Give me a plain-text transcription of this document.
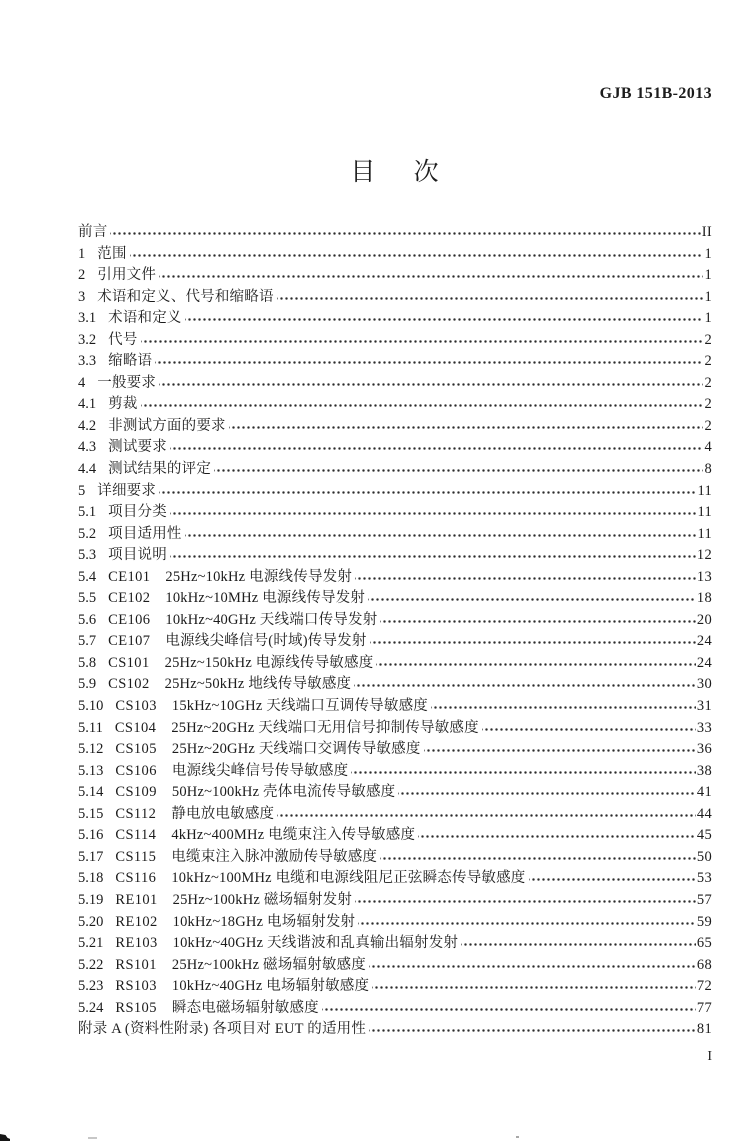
GJB 151B-2013
目 次
前言	II
1 范围	1
2 引用文件	1
3 术语和定义、代号和缩略语	1
3.1 术语和定义	1
3.2 代号	2
3.3 缩略语	2
4 一般要求	2
4.1 剪裁	2
4.2 非测试方面的要求	2
4.3 测试要求	4
4.4 测试结果的评定	8
5 详细要求	11
5.1 项目分类	11
5.2 项目适用性	11
5.3 项目说明	12
5.4 CE101 25Hz~10kHz 电源线传导发射	13
5.5 CE102 10kHz~10MHz 电源线传导发射	18
5.6 CE106 10kHz~40GHz 天线端口传导发射	20
5.7 CE107 电源线尖峰信号(时域)传导发射	24
5.8 CS101 25Hz~150kHz 电源线传导敏感度	24
5.9 CS102 25Hz~50kHz 地线传导敏感度	30
5.10 CS103 15kHz~10GHz 天线端口互调传导敏感度	31
5.11 CS104 25Hz~20GHz 天线端口无用信号抑制传导敏感度	33
5.12 CS105 25Hz~20GHz 天线端口交调传导敏感度	36
5.13 CS106 电源线尖峰信号传导敏感度	38
5.14 CS109 50Hz~100kHz 壳体电流传导敏感度	41
5.15 CS112 静电放电敏感度	44
5.16 CS114 4kHz~400MHz 电缆束注入传导敏感度	45
5.17 CS115 电缆束注入脉冲激励传导敏感度	50
5.18 CS116 10kHz~100MHz 电缆和电源线阻尼正弦瞬态传导敏感度	53
5.19 RE101 25Hz~100kHz 磁场辐射发射	57
5.20 RE102 10kHz~18GHz 电场辐射发射	59
5.21 RE103 10kHz~40GHz 天线谐波和乱真输出辐射发射	65
5.22 RS101 25Hz~100kHz 磁场辐射敏感度	68
5.23 RS103 10kHz~40GHz 电场辐射敏感度	72
5.24 RS105 瞬态电磁场辐射敏感度	77
附录 A (资料性附录) 各项目对 EUT 的适用性	81
I
